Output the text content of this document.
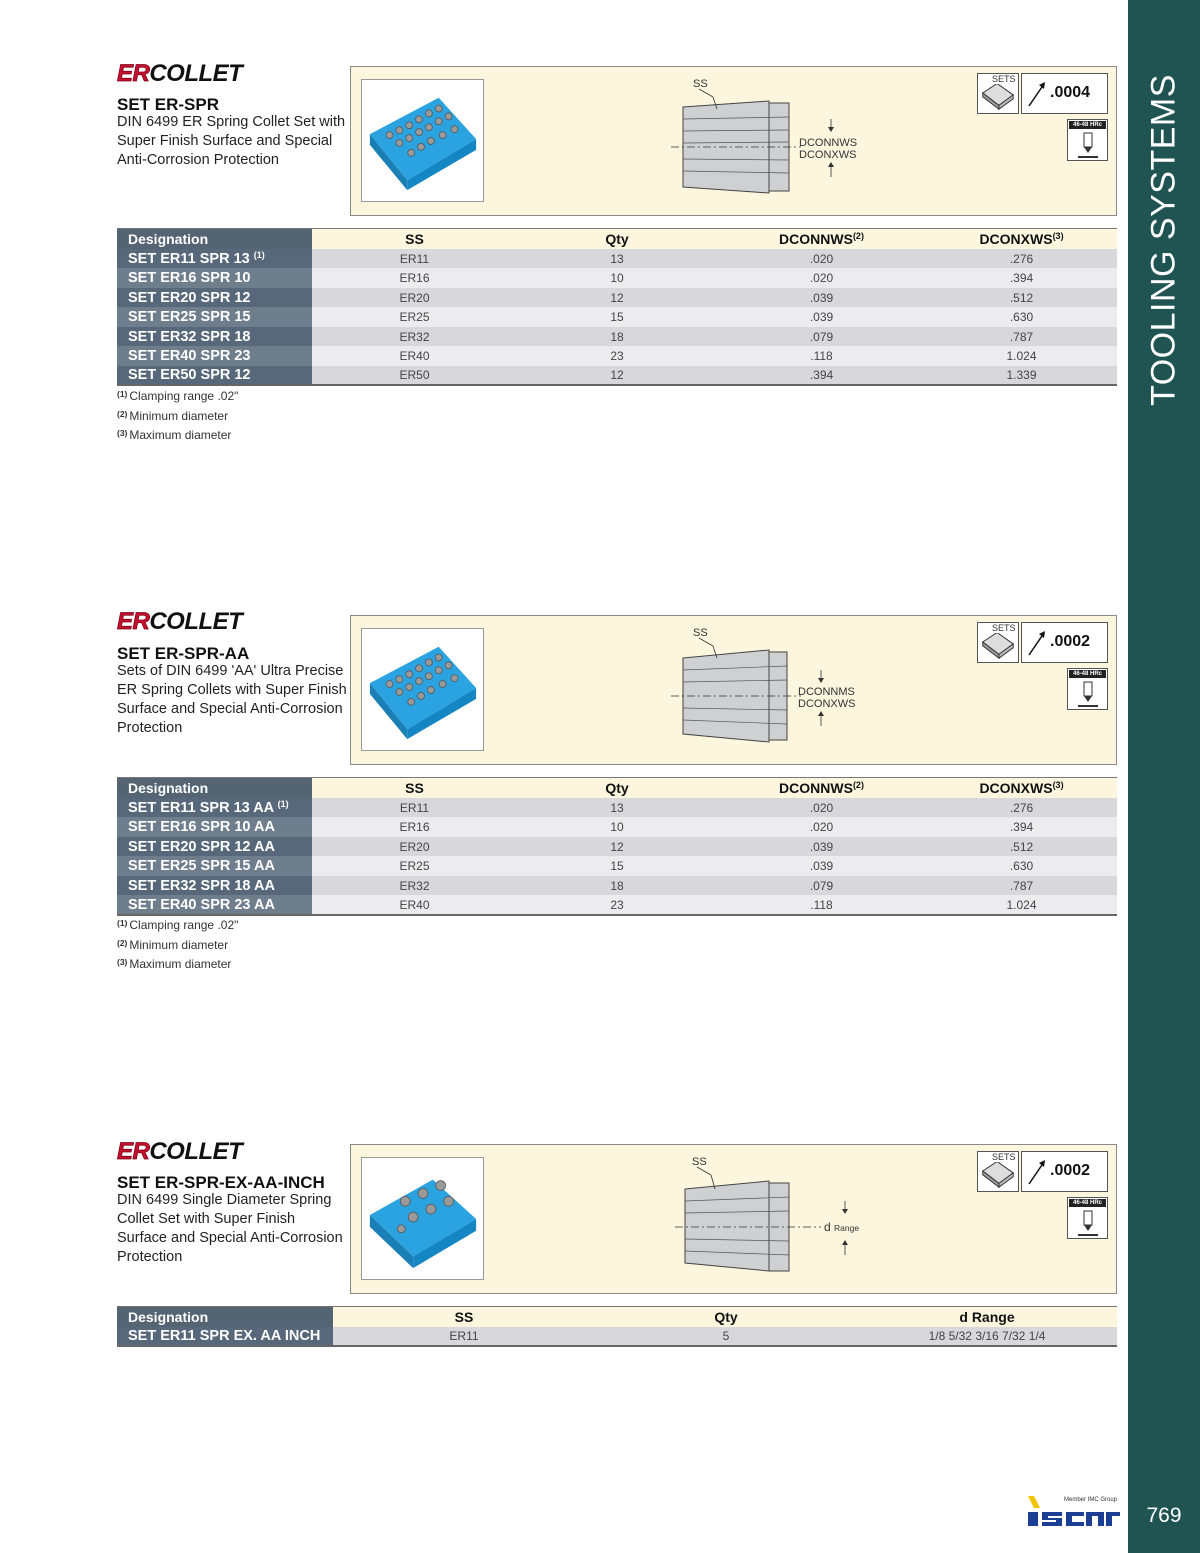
TOOLING SYSTEMS
769
Member IMC Group
ERCOLLET
SET ER-SPR
DIN 6499 ER Spring Collet Set with Super Finish Surface and Special Anti-Corrosion Protection
SS
DCONNWS
DCONXWS
SETS
.0004
46-48 HRc
Designation	SS	Qty	DCONNWS$^{(2)}$	DCONXWS$^{(3)}$
SET ER11 SPR 13 $^{(1)}$	ER11	13	.020	.276
SET ER16 SPR 10	ER16	10	.020	.394
SET ER20 SPR 12	ER20	12	.039	.512
SET ER25 SPR 15	ER25	15	.039	.630
SET ER32 SPR 18	ER32	18	.079	.787
SET ER40 SPR 23	ER40	23	.118	1.024
SET ER50 SPR 12	ER50	12	.394	1.339
$^{(1)}$ Clamping range .02"
$^{(2)}$ Minimum diameter
$^{(3)}$ Maximum diameter
ERCOLLET
SET ER-SPR-AA
Sets of DIN 6499 'AA' Ultra Precise ER Spring Collets with Super Finish Surface and Special Anti-Corrosion Protection
SS
DCONNMS
DCONXWS
SETS
.0002
46-48 HRc
Designation	SS	Qty	DCONNWS$^{(2)}$	DCONXWS$^{(3)}$
SET ER11 SPR 13 AA $^{(1)}$	ER11	13	.020	.276
SET ER16 SPR 10 AA	ER16	10	.020	.394
SET ER20 SPR 12 AA	ER20	12	.039	.512
SET ER25 SPR 15 AA	ER25	15	.039	.630
SET ER32 SPR 18 AA	ER32	18	.079	.787
SET ER40 SPR 23 AA	ER40	23	.118	1.024
$^{(1)}$ Clamping range .02"
$^{(2)}$ Minimum diameter
$^{(3)}$ Maximum diameter
ERCOLLET
SET ER-SPR-EX-AA-INCH
DIN 6499 Single Diameter Spring Collet Set with Super Finish Surface and Special Anti-Corrosion Protection
SS
d Range
SETS
.0002
46-48 HRc
Designation	SS	Qty	d Range
SET ER11 SPR EX. AA INCH	ER11	5	1/8 5/32 3/16 7/32 1/4
